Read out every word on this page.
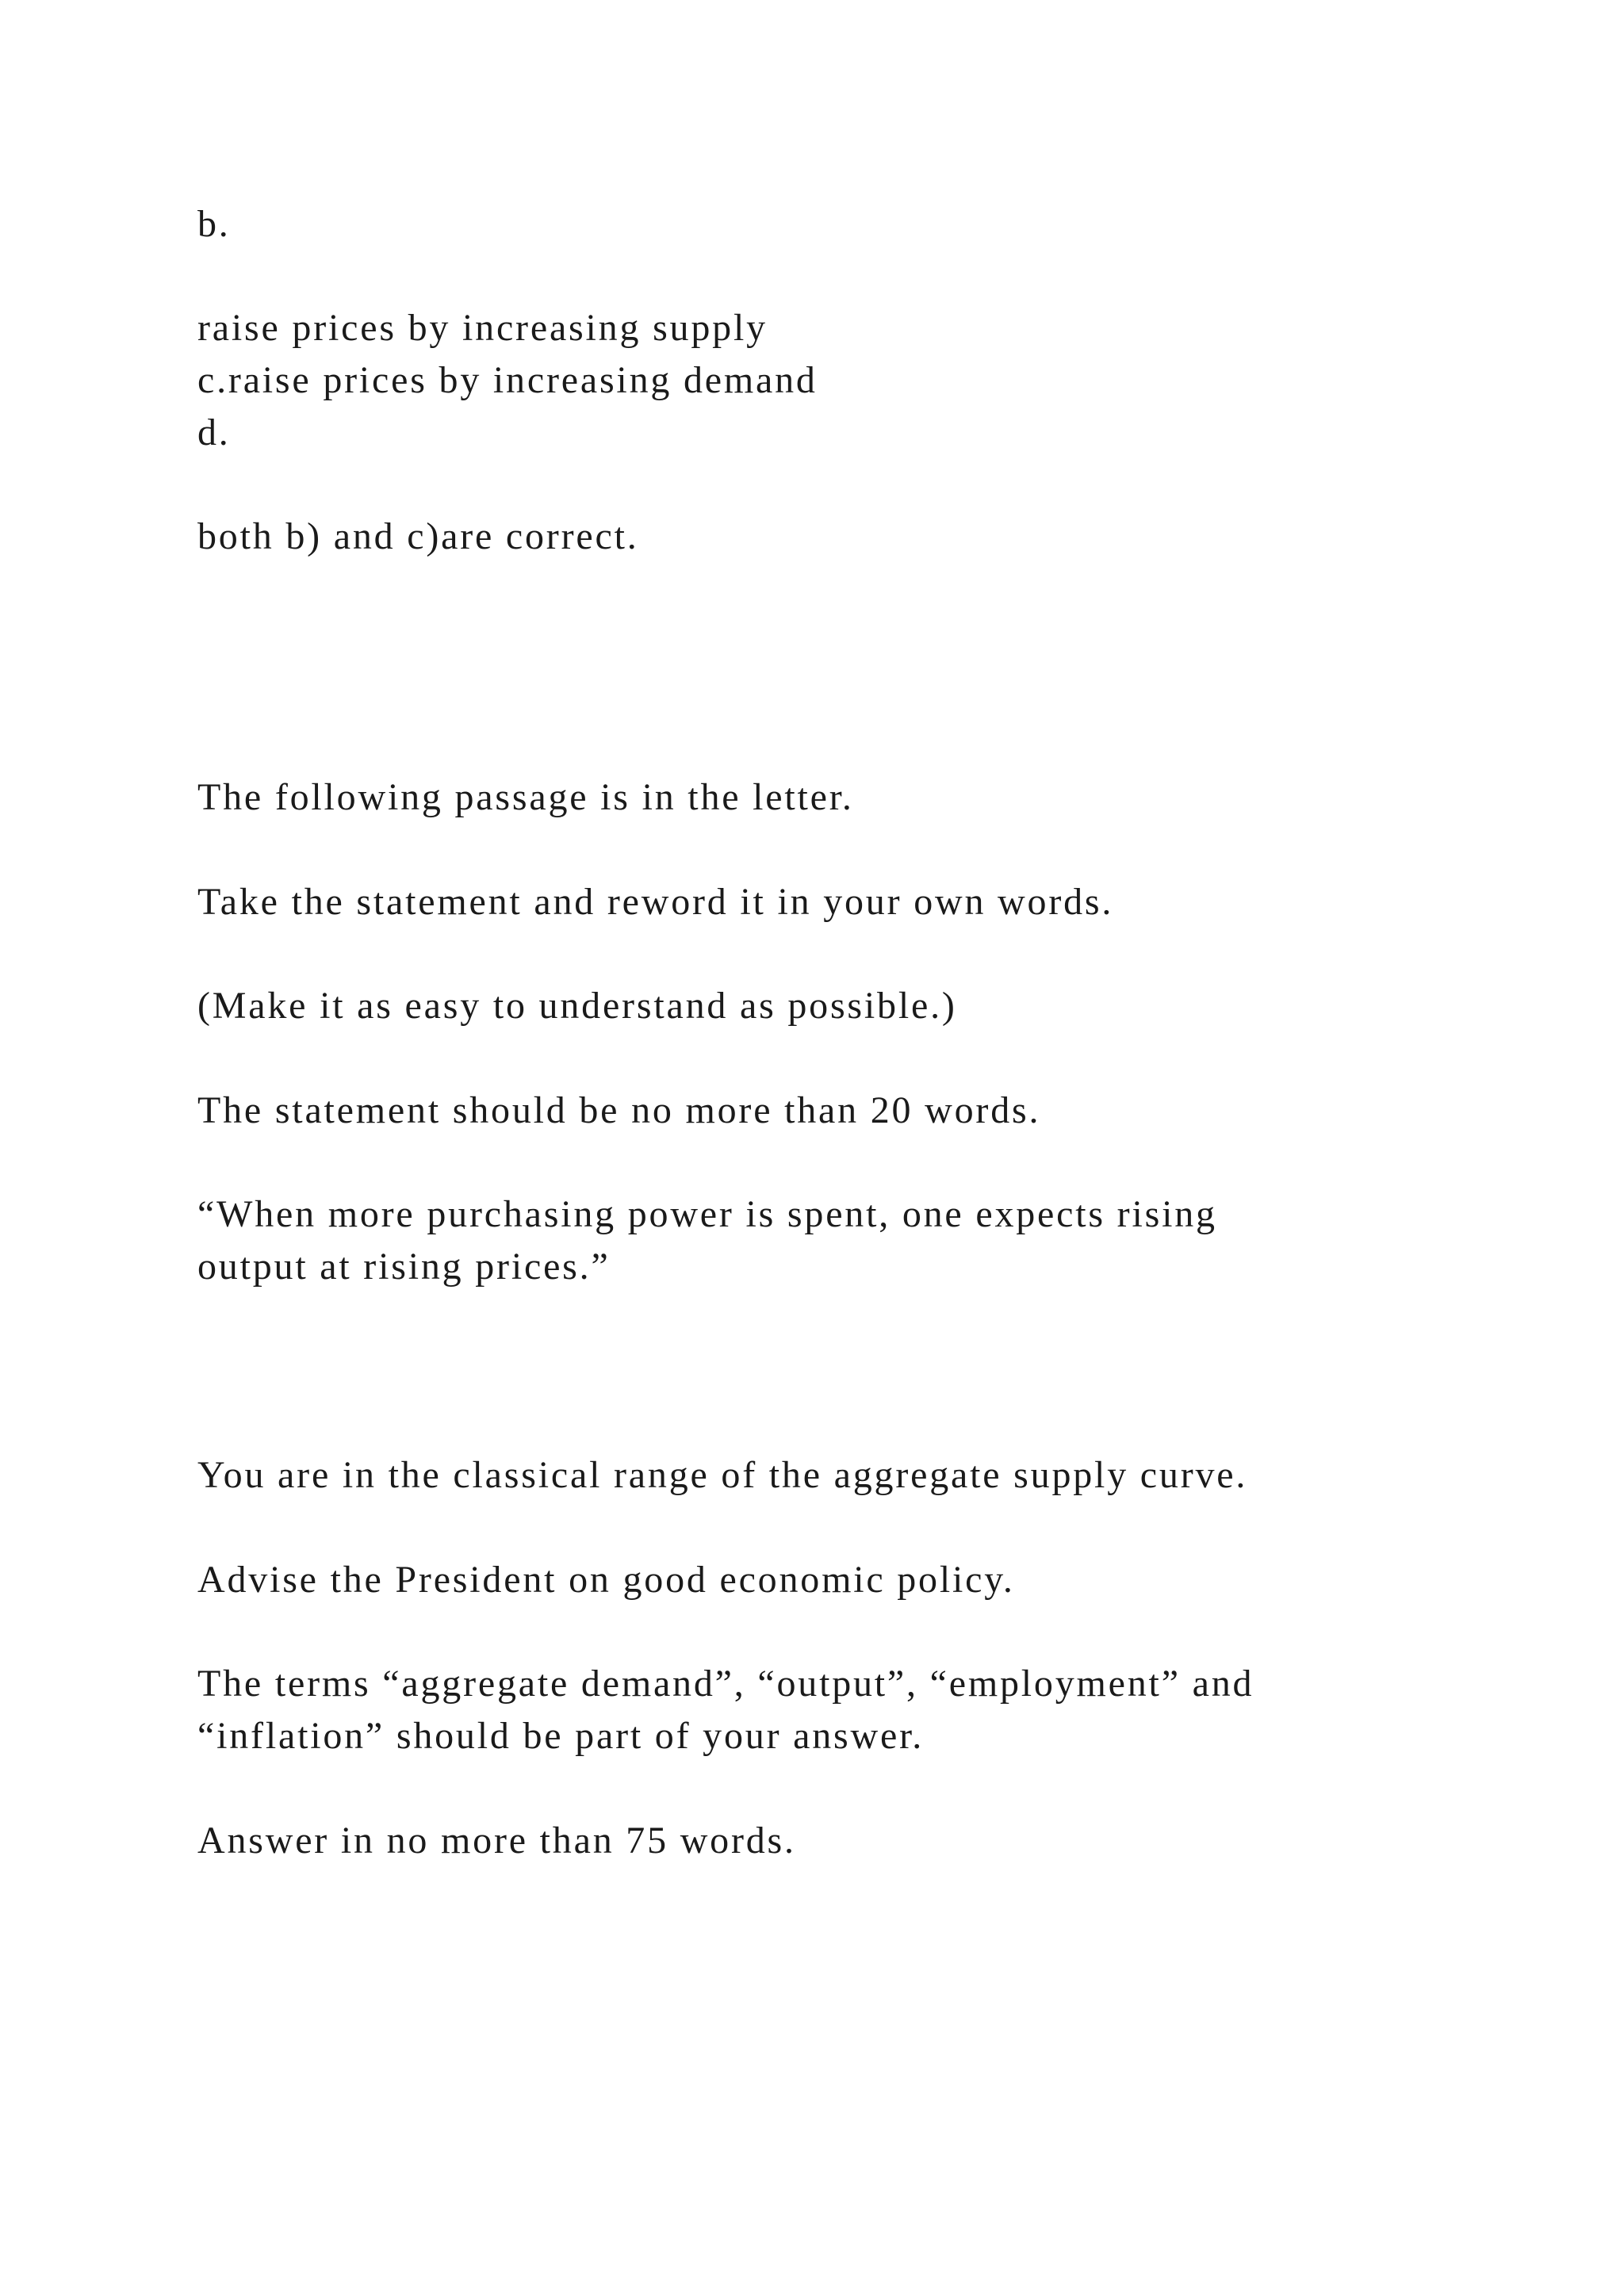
b.

raise prices by increasing supply

c.raise prices by increasing demand

d.

both b) and c)are correct.

The following passage is in the letter.

Take the statement and reword it in your own words.

(Make it as easy to understand as possible.)

The statement should be no more than 20 words.

“When more purchasing power is spent, one expects rising

output at rising prices.”

You are in the classical range of the aggregate supply curve.

Advise the President on good economic policy.

The terms “aggregate demand”, “output”, “employment” and

“inflation” should be part of your answer.

Answer in no more than 75 words.
